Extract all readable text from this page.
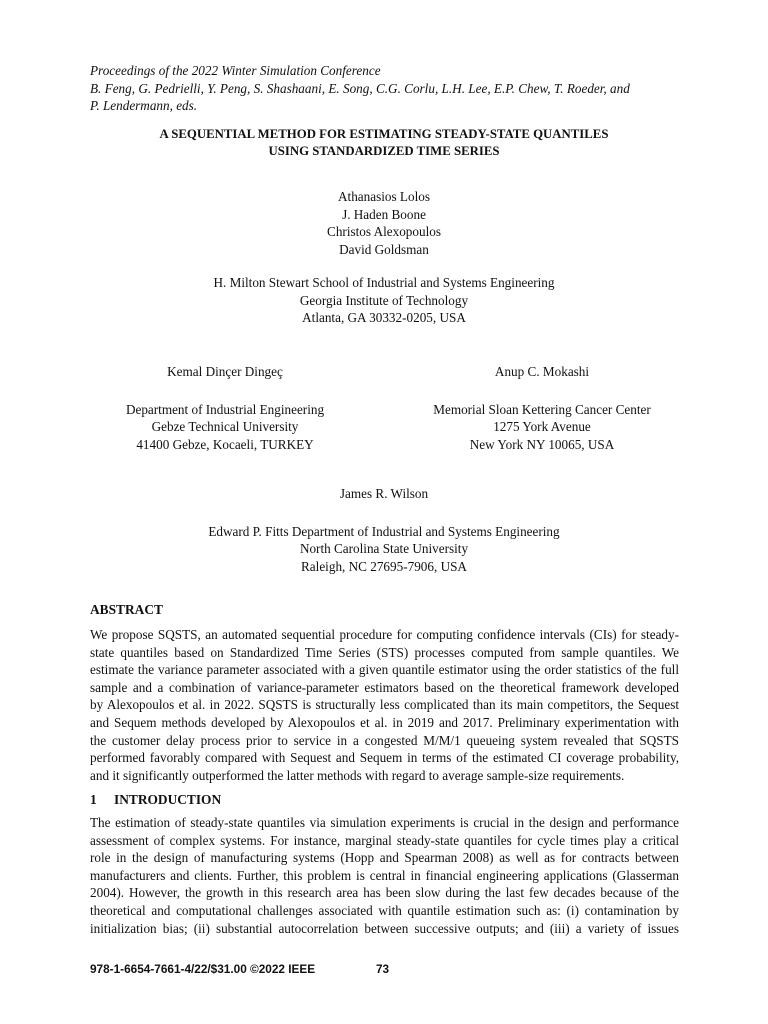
Proceedings of the 2022 Winter Simulation Conference
B. Feng, G. Pedrielli, Y. Peng, S. Shashaani, E. Song, C.G. Corlu, L.H. Lee, E.P. Chew, T. Roeder, and
P. Lendermann, eds.
A SEQUENTIAL METHOD FOR ESTIMATING STEADY-STATE QUANTILES
USING STANDARDIZED TIME SERIES
Athanasios Lolos
J. Haden Boone
Christos Alexopoulos
David Goldsman
H. Milton Stewart School of Industrial and Systems Engineering
Georgia Institute of Technology
Atlanta, GA 30332-0205, USA
Kemal Dinçer Dingeç
Department of Industrial Engineering
Gebze Technical University
41400 Gebze, Kocaeli, TURKEY
Anup C. Mokashi
Memorial Sloan Kettering Cancer Center
1275 York Avenue
New York NY 10065, USA
James R. Wilson
Edward P. Fitts Department of Industrial and Systems Engineering
North Carolina State University
Raleigh, NC 27695-7906, USA
ABSTRACT
We propose SQSTS, an automated sequential procedure for computing confidence intervals (CIs) for steady-
state quantiles based on Standardized Time Series (STS) processes computed from sample quantiles. We
estimate the variance parameter associated with a given quantile estimator using the order statistics of the full
sample and a combination of variance-parameter estimators based on the theoretical framework developed
by Alexopoulos et al. in 2022. SQSTS is structurally less complicated than its main competitors, the Sequest
and Sequem methods developed by Alexopoulos et al. in 2019 and 2017. Preliminary experimentation with
the customer delay process prior to service in a congested M/M/1 queueing system revealed that SQSTS
performed favorably compared with Sequest and Sequem in terms of the estimated CI coverage probability,
and it significantly outperformed the latter methods with regard to average sample-size requirements.
1 INTRODUCTION
The estimation of steady-state quantiles via simulation experiments is crucial in the design and performance
assessment of complex systems. For instance, marginal steady-state quantiles for cycle times play a critical
role in the design of manufacturing systems (Hopp and Spearman 2008) as well as for contracts between
manufacturers and clients. Further, this problem is central in financial engineering applications (Glasserman
2004). However, the growth in this research area has been slow during the last few decades because of the
theoretical and computational challenges associated with quantile estimation such as: (i) contamination by
initialization bias; (ii) substantial autocorrelation between successive outputs; and (iii) a variety of issues
978-1-6654-7661-4/22/$31.00 ©2022 IEEE	73
